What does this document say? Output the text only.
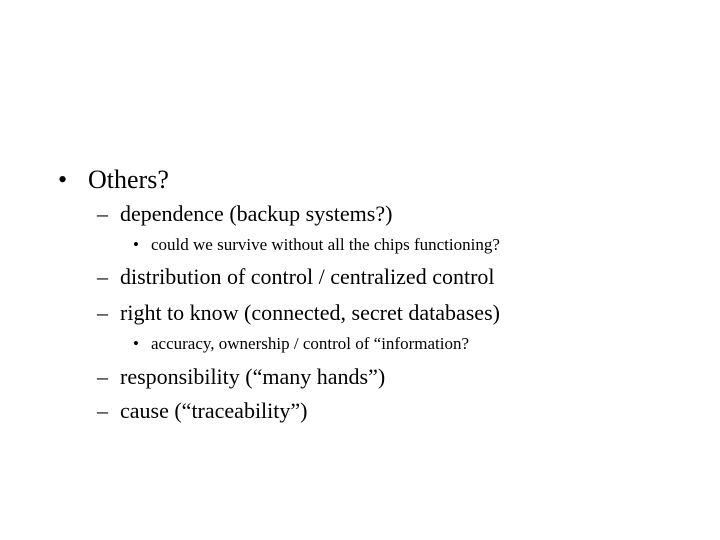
• Others?
– dependence (backup systems?)
• could we survive without all the chips functioning?
– distribution of control / centralized control
– right to know (connected, secret databases)
• accuracy, ownership / control of “information?
– responsibility (“many hands”)
– cause (“traceability”)
